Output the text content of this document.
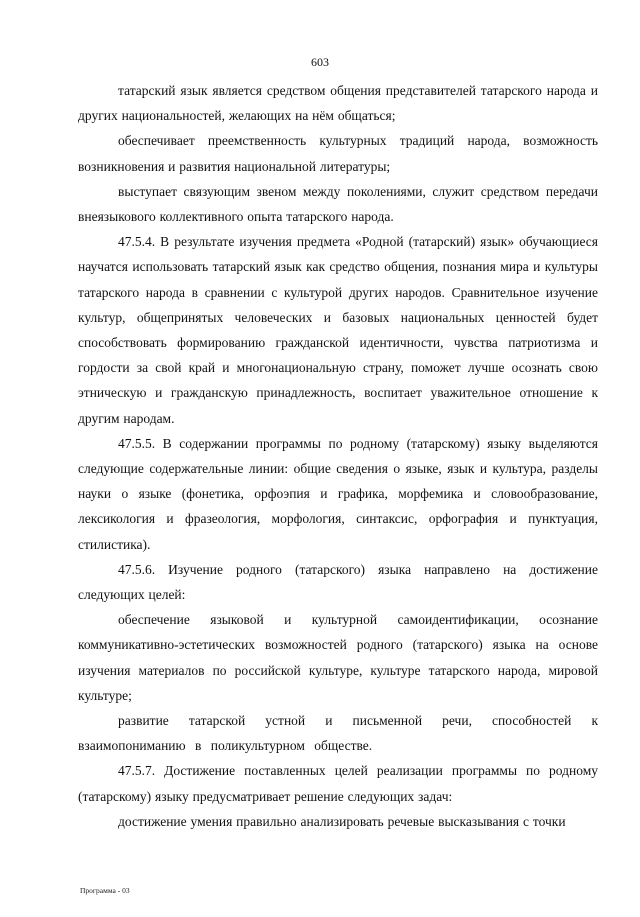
603

татарский язык является средством общения представителей татарского народа и других национальностей, желающих на нём общаться;

обеспечивает преемственность культурных традиций народа, возможность возникновения и развития национальной литературы;

выступает связующим звеном между поколениями, служит средством передачи внеязыкового коллективного опыта татарского народа.

47.5.4. В результате изучения предмета «Родной (татарский) язык» обучающиеся научатся использовать татарский язык как средство общения, познания мира и культуры татарского народа в сравнении с культурой других народов. Сравнительное изучение культур, общепринятых человеческих и базовых национальных ценностей будет способствовать формированию гражданской идентичности, чувства патриотизма и гордости за свой край и многонациональную страну, поможет лучше осознать свою этническую и гражданскую принадлежность, воспитает уважительное отношение к другим народам.

47.5.5. В содержании программы по родному (татарскому) языку выделяются следующие содержательные линии: общие сведения о языке, язык и культура, разделы науки о языке (фонетика, орфоэпия и графика, морфемика и словообразование, лексикология и фразеология, морфология, синтаксис, орфография и пунктуация, стилистика).

47.5.6. Изучение родного (татарского) языка направлено на достижение следующих целей:

обеспечение языковой и культурной самоидентификации, осознание коммуникативно-эстетических возможностей родного (татарского) языка на основе изучения материалов по российской культуре, культуре татарского народа, мировой культуре;

развитие татарской устной и письменной речи, способностей к взаимопониманию в поликультурном обществе.

47.5.7. Достижение поставленных целей реализации программы по родному (татарскому) языку предусматривает решение следующих задач:

достижение умения правильно анализировать речевые высказывания с точки

Программа - 03
